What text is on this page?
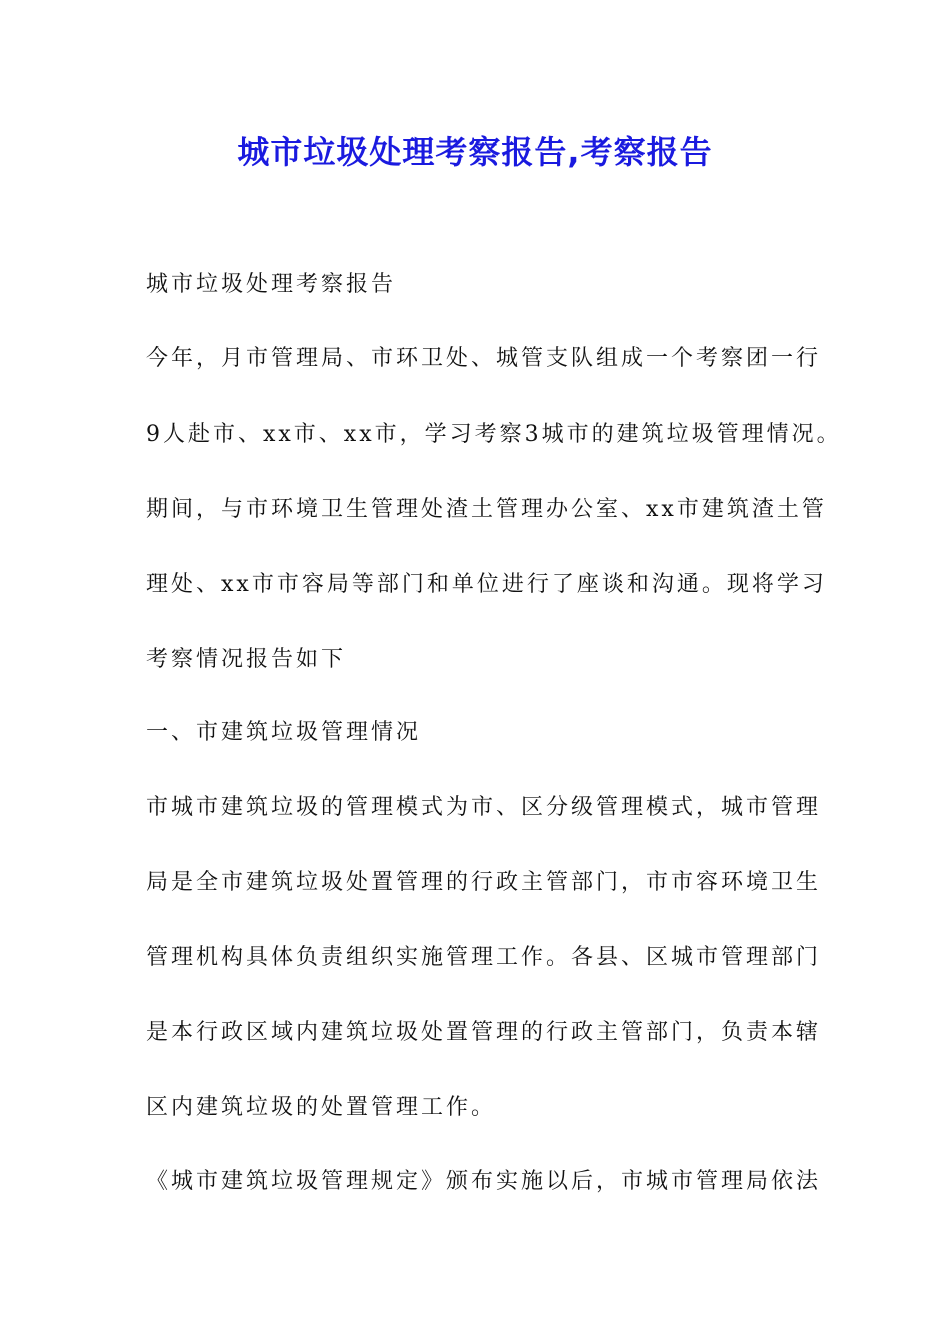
城市垃圾处理考察报告,考察报告

城市垃圾处理考察报告

今年，月市管理局、市环卫处、城管支队组成一个考察团一行

9人赴市、xx市、xx市，学习考察3城市的建筑垃圾管理情况。

期间，与市环境卫生管理处渣土管理办公室、xx市建筑渣土管

理处、xx市市容局等部门和单位进行了座谈和沟通。现将学习

考察情况报告如下

一、市建筑垃圾管理情况

市城市建筑垃圾的管理模式为市、区分级管理模式，城市管理

局是全市建筑垃圾处置管理的行政主管部门，市市容环境卫生

管理机构具体负责组织实施管理工作。各县、区城市管理部门

是本行政区域内建筑垃圾处置管理的行政主管部门，负责本辖

区内建筑垃圾的处置管理工作。

《城市建筑垃圾管理规定》颁布实施以后，市城市管理局依法
